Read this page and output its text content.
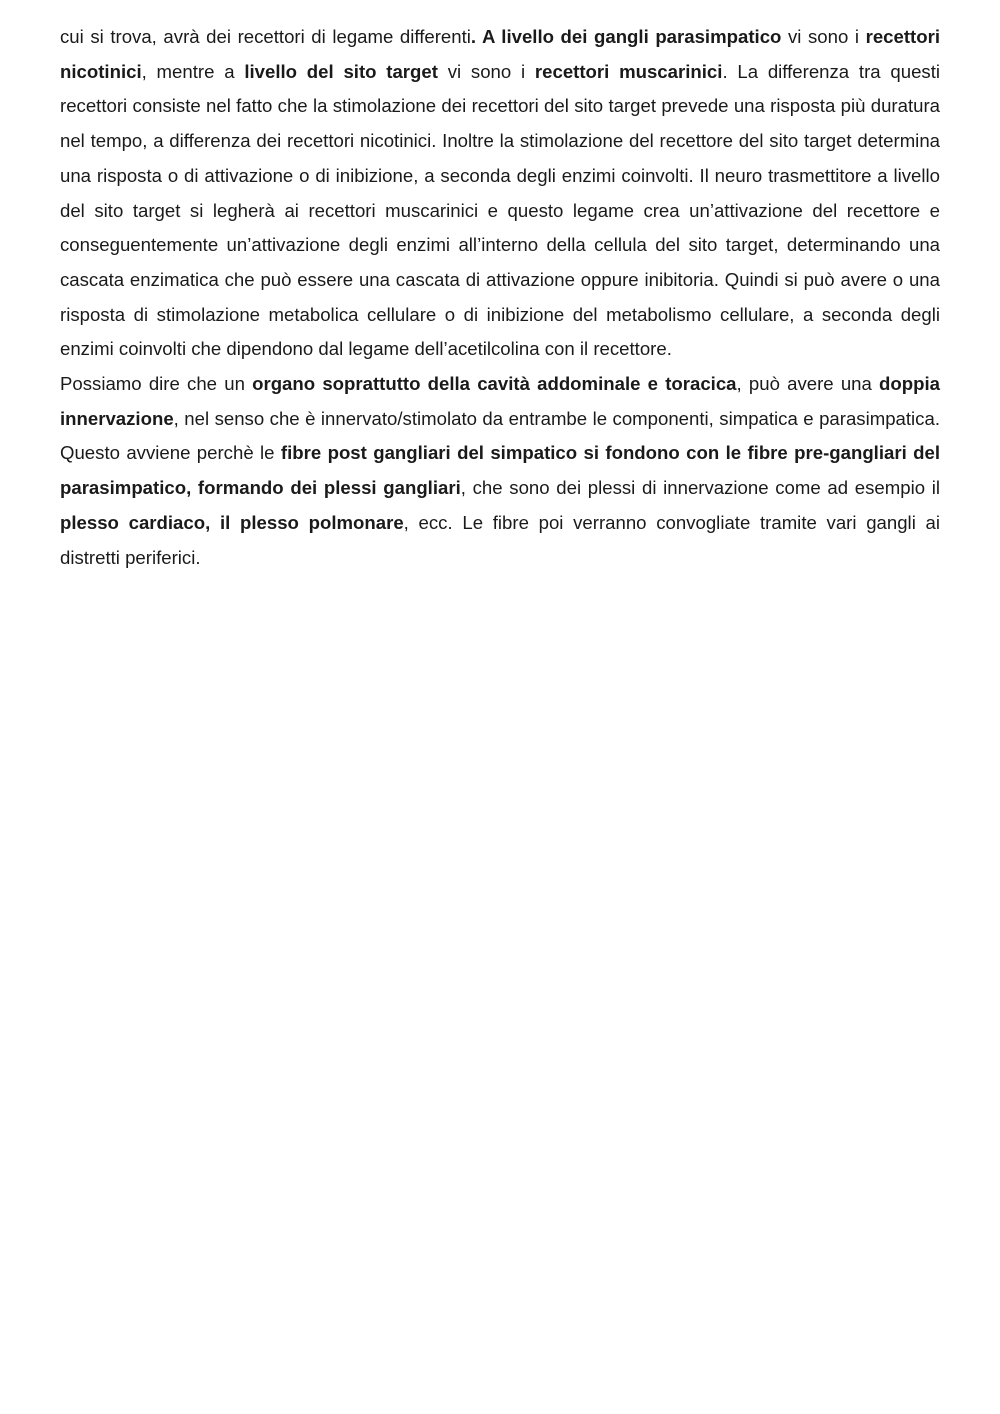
cui si trova, avrà dei recettori di legame differenti. A livello dei gangli parasimpatico vi sono i recettori nicotinici, mentre a livello del sito target vi sono i recettori muscarinici. La differenza tra questi recettori consiste nel fatto che la stimolazione dei recettori del sito target prevede una risposta più duratura nel tempo, a differenza dei recettori nicotinici. Inoltre la stimolazione del recettore del sito target determina una risposta o di attivazione o di inibizione, a seconda degli enzimi coinvolti. Il neuro trasmettitore a livello del sito target si legherà ai recettori muscarinici e questo legame crea un’attivazione del recettore e conseguentemente un’attivazione degli enzimi all’interno della cellula del sito target, determinando una cascata enzimatica che può essere una cascata di attivazione oppure inibitoria. Quindi si può avere o una risposta di stimolazione metabolica cellulare o di inibizione del metabolismo cellulare, a seconda degli enzimi coinvolti che dipendono dal legame dell’acetilcolina con il recettore.

Possiamo dire che un organo soprattutto della cavità addominale e toracica, può avere una doppia innervazione, nel senso che è innervato/stimolato da entrambe le componenti, simpatica e parasimpatica. Questo avviene perchè le fibre post gangliari del simpatico si fondono con le fibre pre-gangliari del parasimpatico, formando dei plessi gangliari, che sono dei plessi di innervazione come ad esempio il plesso cardiaco, il plesso polmonare, ecc. Le fibre poi verranno convogliate tramite vari gangli ai distretti periferici.
